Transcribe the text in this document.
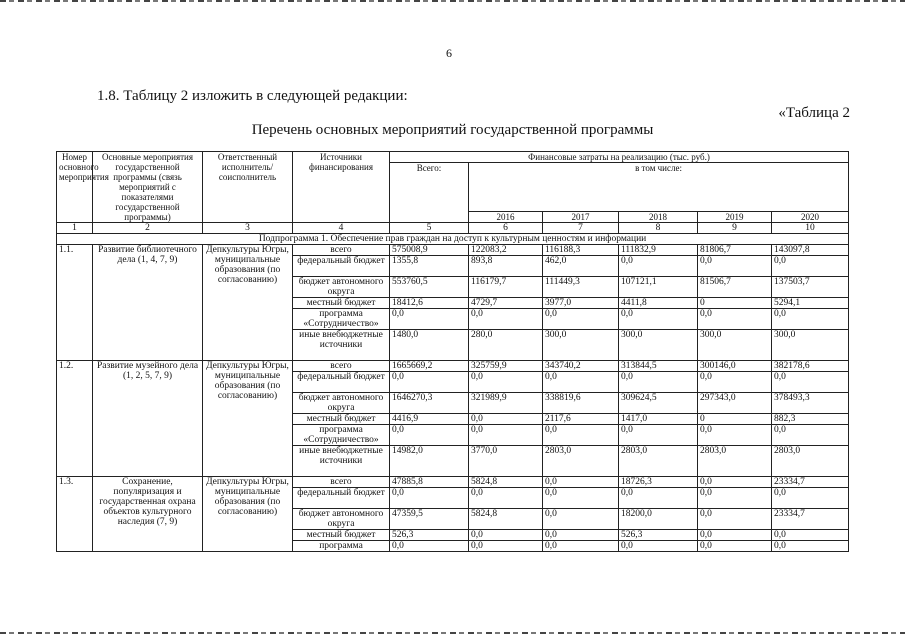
6
1.8. Таблицу 2 изложить в следующей редакции:
«Таблица 2
Перечень основных мероприятий государственной программы
Номер основного мероприятия	Основные мероприятия государственной программы (связь мероприятий с показателями государственной программы)	Ответственный исполнитель/соисполнитель	Источники финансирования	Финансовые затраты на реализацию (тыс. руб.)					
				Всего:	в том числе:				
					2016	2017	2018	2019	2020
1	2	3	4	5	6	7	8	9	10
Подпрограмма 1. Обеспечение прав граждан на доступ к культурным ценностям и информации									
1.1.	Развитие библиотечного дела (1, 4, 7, 9)	Депкультуры Югры, муниципальные образования (по согласованию)	всего	575008,9	122083,2	116188,3	111832,9	81806,7	143097,8
			федеральный бюджет	1355,8	893,8	462,0	0,0	0,0	0,0
			бюджет автономного округа	553760,5	116179,7	111449,3	107121,1	81506,7	137503,7
			местный бюджет	18412,6	4729,7	3977,0	4411,8	0	5294,1
			программа «Сотрудничество»	0,0	0,0	0,0	0,0	0,0	0,0
			иные внебюджетные источники	1480,0	280,0	300,0	300,0	300,0	300,0
1.2.	Развитие музейного дела (1, 2, 5, 7, 9)	Депкультуры Югры, муниципальные образования (по согласованию)	всего	1665669,2	325759,9	343740,2	313844,5	300146,0	382178,6
			федеральный бюджет	0,0	0,0	0,0	0,0	0,0	0,0
			бюджет автономного округа	1646270,3	321989,9	338819,6	309624,5	297343,0	378493,3
			местный бюджет	4416,9	0,0	2117,6	1417,0	0	882,3
			программа «Сотрудничество»	0,0	0,0	0,0	0,0	0,0	0,0
			иные внебюджетные источники	14982,0	3770,0	2803,0	2803,0	2803,0	2803,0
1.3.	Сохранение, популяризация и государственная охрана объектов культурного наследия (7, 9)	Депкультуры Югры, муниципальные образования (по согласованию)	всего	47885,8	5824,8	0,0	18726,3	0,0	23334,7
			федеральный бюджет	0,0	0,0	0,0	0,0	0,0	0,0
			бюджет автономного округа	47359,5	5824,8	0,0	18200,0	0,0	23334,7
			местный бюджет	526,3	0,0	0,0	526,3	0,0	0,0
			программа	0,0	0,0	0,0	0,0	0,0	0,0
